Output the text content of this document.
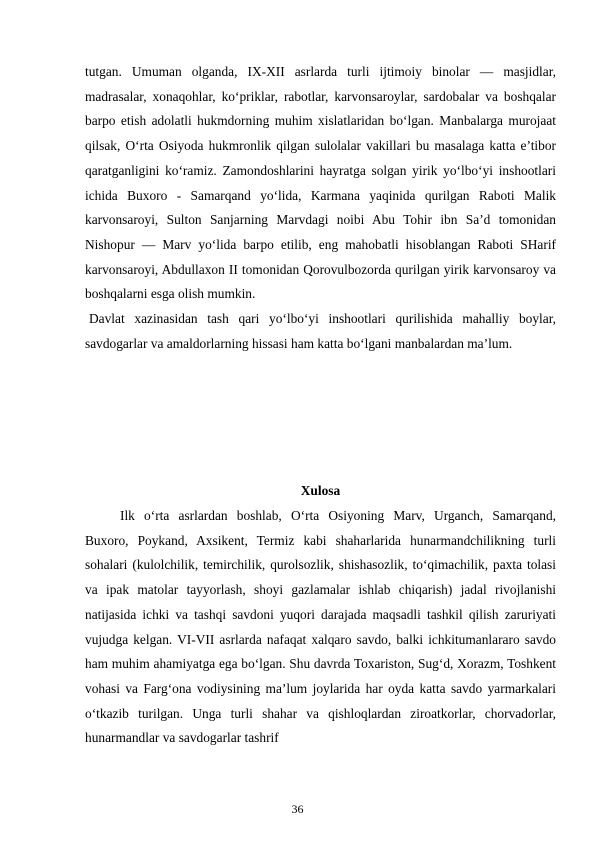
tutgan. Umuman olganda, IX-XII asrlarda turli ijtimoiy binolar — masjidlar, madrasalar, xonaqohlar, ko‘priklar, rabotlar, karvonsaroylar, sardobalar va boshqalar barpo etish adolatli hukmdorning muhim xislatlaridan bo‘lgan. Manbalarga murojaat qilsak, O‘rta Osiyoda hukmronlik qilgan sulolalar vakillari bu masalaga katta e’tibor qaratganligini ko‘ramiz. Zamondoshlarini hayratga solgan yirik yo‘lbo‘yi inshootlari ichida Buxoro - Samarqand yo‘lida, Karmana yaqinida qurilgan Raboti Malik karvonsaroyi, Sulton Sanjarning Marvdagi noibi Abu Tohir ibn Sa’d tomonidan Nishopur — Marv yo‘lida barpo etilib, eng mahobatli hisoblangan Raboti SHarif karvonsaroyi, Abdullaxon II tomonidan Qorovulbozorda qurilgan yirik karvonsaroy va boshqalarni esga olish mumkin.

Davlat xazinasidan tash qari yo‘lbo‘yi inshootlari qurilishida mahalliy boylar, savdogarlar va amaldorlarning hissasi ham katta bo‘lgani manbalardan ma’lum.

Xulosa

Ilk o‘rta asrlardan boshlab, O‘rta Osiyoning Marv, Urganch, Samarqand, Buxoro, Poykand, Axsikent, Termiz kabi shaharlarida hunarmandchilikning turli sohalari (kulolchilik, temirchilik, qurolsozlik, shishasozlik, to‘qimachilik, paxta tolasi va ipak matolar tayyorlash, shoyi gazlamalar ishlab chiqarish) jadal rivojlanishi natijasida ichki va tashqi savdoni yuqori darajada maqsadli tashkil qilish zaruriyati vujudga kelgan. VI-VII asrlarda nafaqat xalqaro savdo, balki ichkitumanlararo savdo ham muhim ahamiyatga ega bo‘lgan. Shu davrda Toxariston, Sug‘d, Xorazm, Toshkent vohasi va Farg‘ona vodiysining ma’lum joylarida har oyda katta savdo yarmarkalari o‘tkazib turilgan. Unga turli shahar va qishloqlardan ziroatkorlar, chorvadorlar, hunarmandlar va savdogarlar tashrif

36
